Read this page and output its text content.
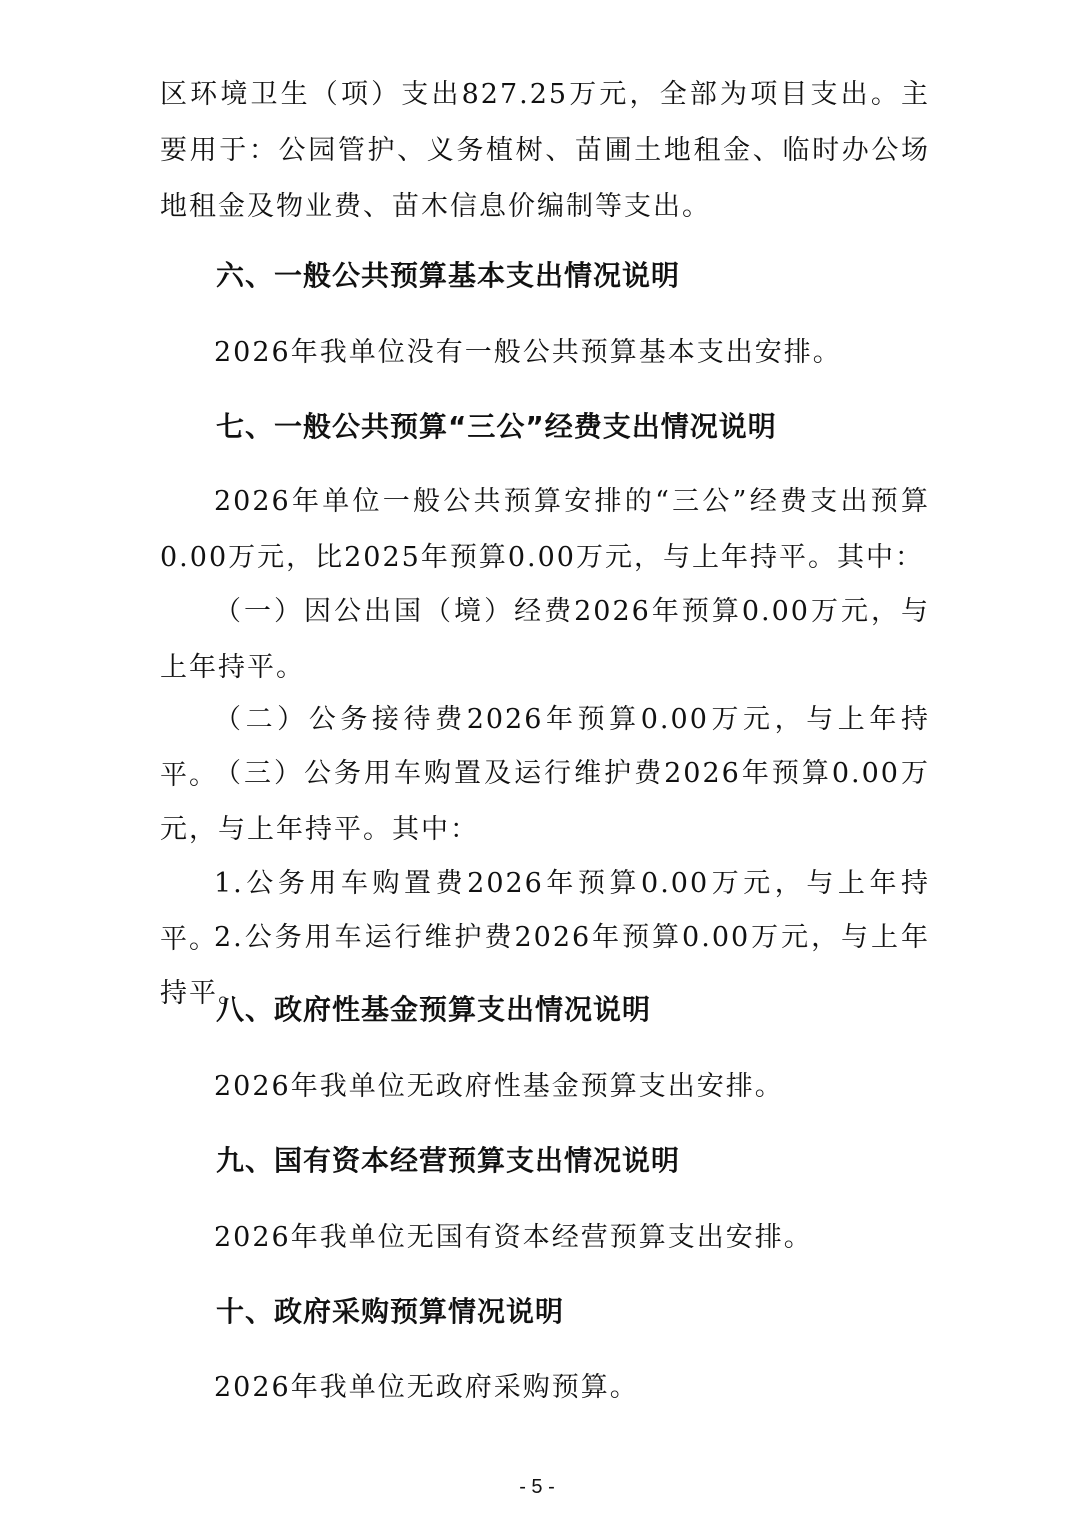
区环境卫生（项）支出827.25万元，全部为项目支出。主要用于：公园管护、义务植树、苗圃土地租金、临时办公场地租金及物业费、苗木信息价编制等支出。

六、一般公共预算基本支出情况说明

2026年我单位没有一般公共预算基本支出安排。

七、一般公共预算“三公”经费支出情况说明

2026年单位一般公共预算安排的“三公”经费支出预算0.00万元，比2025年预算0.00万元，与上年持平。其中：

（一）因公出国（境）经费2026年预算0.00万元，与上年持平。

（二）公务接待费2026年预算0.00万元，与上年持平。

（三）公务用车购置及运行维护费2026年预算0.00万元，与上年持平。其中：

1.公务用车购置费2026年预算0.00万元，与上年持平。

2.公务用车运行维护费2026年预算0.00万元，与上年持平。

八、政府性基金预算支出情况说明

2026年我单位无政府性基金预算支出安排。

九、国有资本经营预算支出情况说明

2026年我单位无国有资本经营预算支出安排。

十、政府采购预算情况说明

2026年我单位无政府采购预算。

- 5 -
